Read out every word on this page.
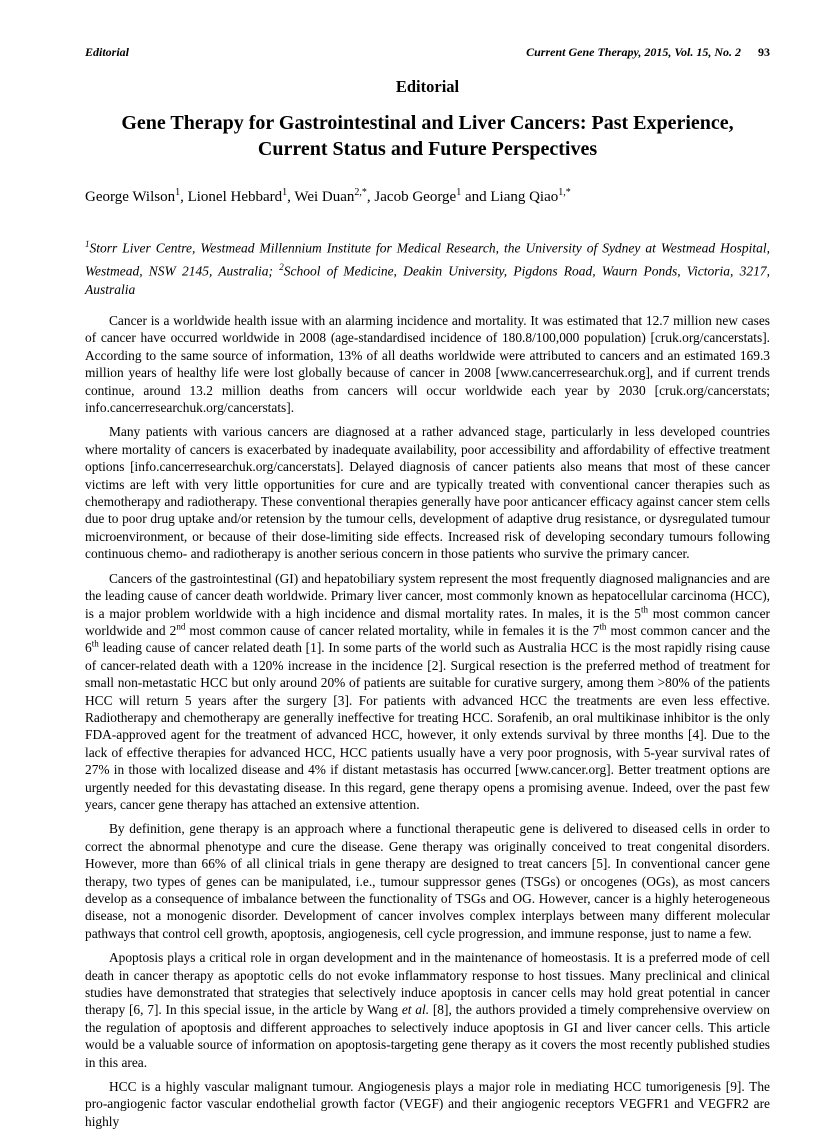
Editorial	Current Gene Therapy, 2015, Vol. 15, No. 2 93
Editorial
Gene Therapy for Gastrointestinal and Liver Cancers: Past Experience, Current Status and Future Perspectives
George Wilson$^1$, Lionel Hebbard$^1$, Wei Duan$^{2,*}$, Jacob George$^1$ and Liang Qiao$^{1,*}$
$^1$Storr Liver Centre, Westmead Millennium Institute for Medical Research, the University of Sydney at Westmead Hospital, Westmead, NSW 2145, Australia; $^2$School of Medicine, Deakin University, Pigdons Road, Waurn Ponds, Victoria, 3217, Australia

Cancer is a worldwide health issue with an alarming incidence and mortality. It was estimated that 12.7 million new cases of cancer have occurred worldwide in 2008 (age-standardised incidence of 180.8/100,000 population) [cruk.org/cancerstats]. According to the same source of information, 13% of all deaths worldwide were attributed to cancers and an estimated 169.3 million years of healthy life were lost globally because of cancer in 2008 [www.cancerresearchuk.org], and if current trends continue, around 13.2 million deaths from cancers will occur worldwide each year by 2030 [cruk.org/cancerstats; info.cancerresearchuk.org/cancerstats].

Many patients with various cancers are diagnosed at a rather advanced stage, particularly in less developed countries where mortality of cancers is exacerbated by inadequate availability, poor accessibility and affordability of effective treatment options [info.cancerresearchuk.org/cancerstats]. Delayed diagnosis of cancer patients also means that most of these cancer victims are left with very little opportunities for cure and are typically treated with conventional cancer therapies such as chemotherapy and radiotherapy. These conventional therapies generally have poor anticancer efficacy against cancer stem cells due to poor drug uptake and/or retension by the tumour cells, development of adaptive drug resistance, or dysregulated tumour microenvironment, or because of their dose-limiting side effects. Increased risk of developing secondary tumours following continuous chemo- and radiotherapy is another serious concern in those patients who survive the primary cancer.

Cancers of the gastrointestinal (GI) and hepatobiliary system represent the most frequently diagnosed malignancies and are the leading cause of cancer death worldwide. Primary liver cancer, most commonly known as hepatocellular carcinoma (HCC), is a major problem worldwide with a high incidence and dismal mortality rates. In males, it is the 5th most common cancer worldwide and 2nd most common cause of cancer related mortality, while in females it is the 7th most common cancer and the 6th leading cause of cancer related death [1]. In some parts of the world such as Australia HCC is the most rapidly rising cause of cancer-related death with a 120% increase in the incidence [2]. Surgical resection is the preferred method of treatment for small non-metastatic HCC but only around 20% of patients are suitable for curative surgery, among them >80% of the patients HCC will return 5 years after the surgery [3]. For patients with advanced HCC the treatments are even less effective. Radiotherapy and chemotherapy are generally ineffective for treating HCC. Sorafenib, an oral multikinase inhibitor is the only FDA-approved agent for the treatment of advanced HCC, however, it only extends survival by three months [4]. Due to the lack of effective therapies for advanced HCC, HCC patients usually have a very poor prognosis, with 5-year survival rates of 27% in those with localized disease and 4% if distant metastasis has occurred [www.cancer.org]. Better treatment options are urgently needed for this devastating disease. In this regard, gene therapy opens a promising avenue. Indeed, over the past few years, cancer gene therapy has attached an extensive attention.

By definition, gene therapy is an approach where a functional therapeutic gene is delivered to diseased cells in order to correct the abnormal phenotype and cure the disease. Gene therapy was originally conceived to treat congenital disorders. However, more than 66% of all clinical trials in gene therapy are designed to treat cancers [5]. In conventional cancer gene therapy, two types of genes can be manipulated, i.e., tumour suppressor genes (TSGs) or oncogenes (OGs), as most cancers develop as a consequence of imbalance between the functionality of TSGs and OG. However, cancer is a highly heterogeneous disease, not a monogenic disorder. Development of cancer involves complex interplays between many different molecular pathways that control cell growth, apoptosis, angiogenesis, cell cycle progression, and immune response, just to name a few.

Apoptosis plays a critical role in organ development and in the maintenance of homeostasis. It is a preferred mode of cell death in cancer therapy as apoptotic cells do not evoke inflammatory response to host tissues. Many preclinical and clinical studies have demonstrated that strategies that selectively induce apoptosis in cancer cells may hold great potential in cancer therapy [6, 7]. In this special issue, in the article by Wang et al. [8], the authors provided a timely comprehensive overview on the regulation of apoptosis and different approaches to selectively induce apoptosis in GI and liver cancer cells. This article would be a valuable source of information on apoptosis-targeting gene therapy as it covers the most recently published studies in this area.

HCC is a highly vascular malignant tumour. Angiogenesis plays a major role in mediating HCC tumorigenesis [9]. The pro-angiogenic factor vascular endothelial growth factor (VEGF) and their angiogenic receptors VEGFR1 and VEGFR2 are highly
